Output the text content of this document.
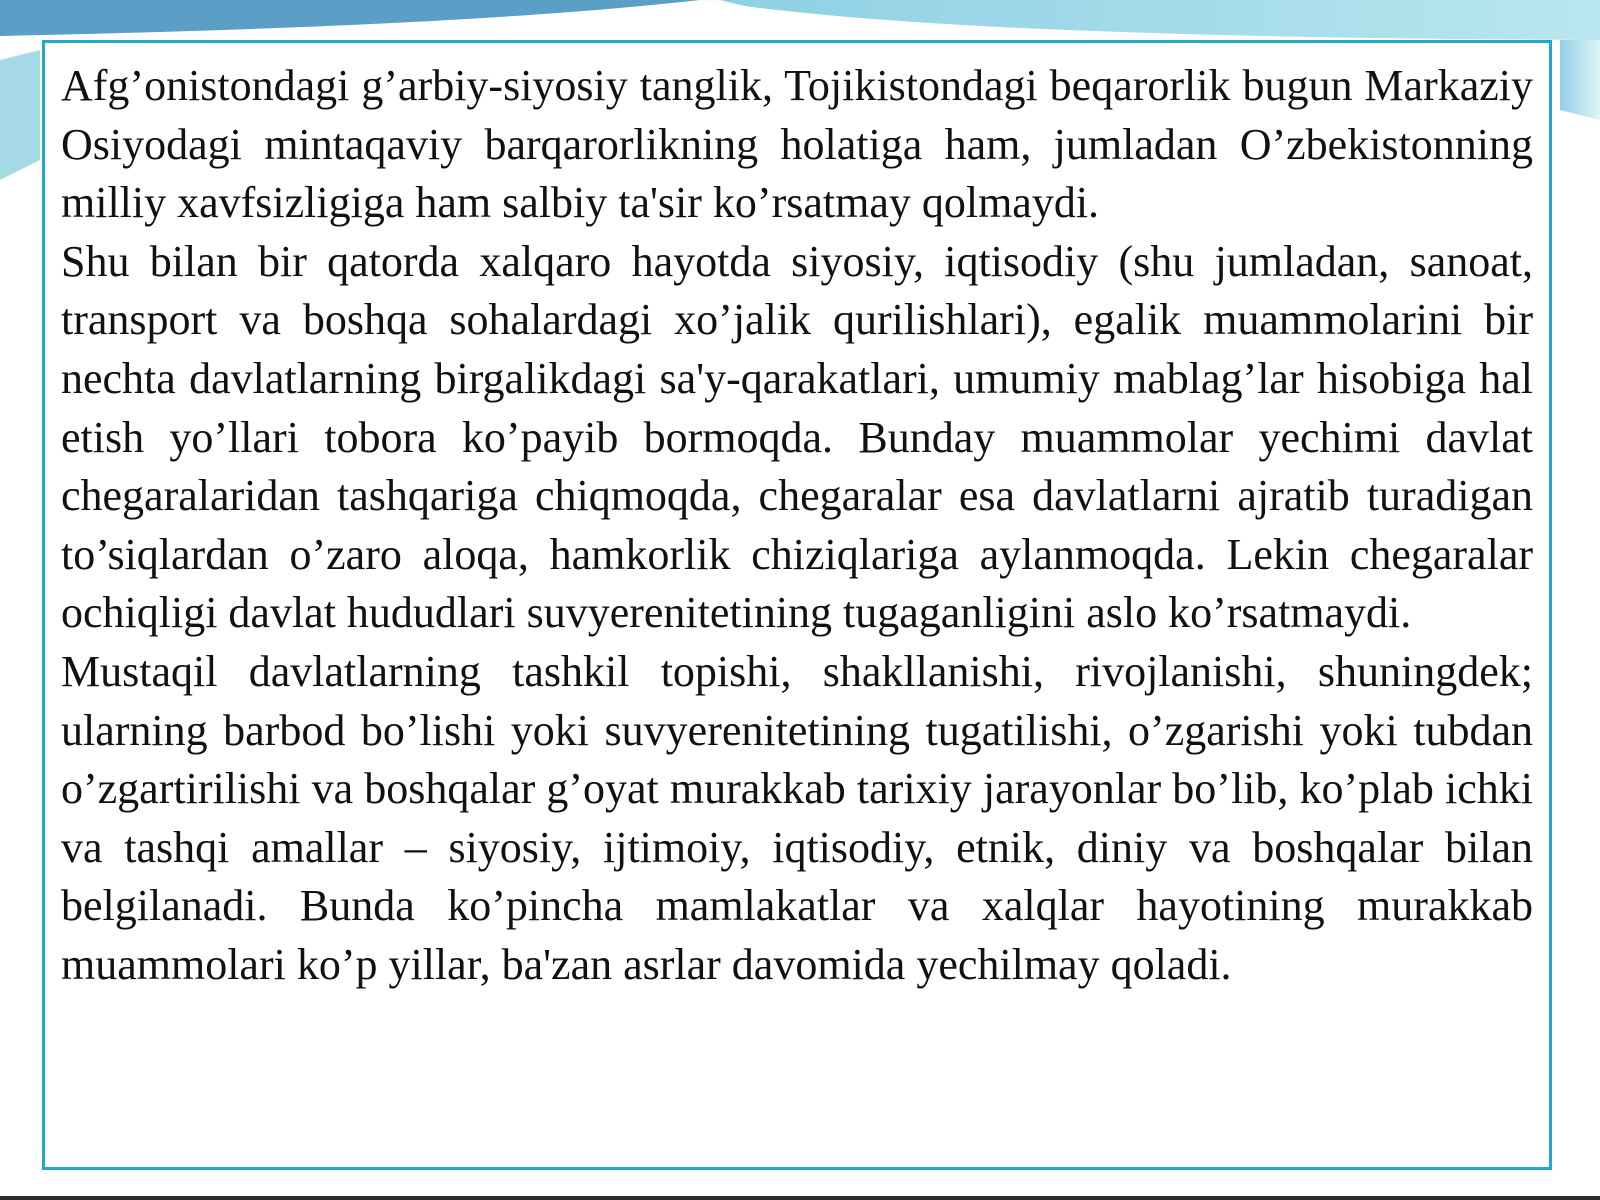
Afg’onistondagi g’arbiy-siyosiy tanglik, Tojikistondagi beqarorlik bugun Markaziy Osiyodagi mintaqaviy barqarorlikning holatiga ham, jumladan O’zbekistonning milliy xavfsizligiga ham salbiy ta'sir ko’rsatmay qolmaydi.

Shu bilan bir qatorda xalqaro hayotda siyosiy, iqtisodiy (shu jumladan, sanoat, transport va boshqa sohalardagi xo’jalik qurilishlari), egalik muammolarini bir nechta davlatlarning birgalikdagi sa'y-qarakatlari, umumiy mablag’lar hisobiga hal etish yo’llari tobora ko’payib bormoqda. Bunday muammolar yechimi davlat chegaralaridan tashqariga chiqmoqda, chegaralar esa davlatlarni ajratib turadigan to’siqlardan o’zaro aloqa, hamkorlik chiziqlariga aylanmoqda. Lekin chegaralar ochiqligi davlat hududlari suvyerenitetining tugaganligini aslo ko’rsatmaydi.

Mustaqil davlatlarning tashkil topishi, shakllanishi, rivojlanishi, shuningdek; ularning barbod bo’lishi yoki suvyerenitetining tugatilishi, o’zgarishi yoki tubdan o’zgartirilishi va boshqalar g’oyat murakkab tarixiy jarayonlar bo’lib, ko’plab ichki va tashqi amallar – siyosiy, ijtimoiy, iqtisodiy, etnik, diniy va boshqalar bilan belgilanadi. Bunda ko’pincha mamlakatlar va xalqlar hayotining murakkab muammolari ko’p yillar, ba'zan asrlar davomida yechilmay qoladi.
